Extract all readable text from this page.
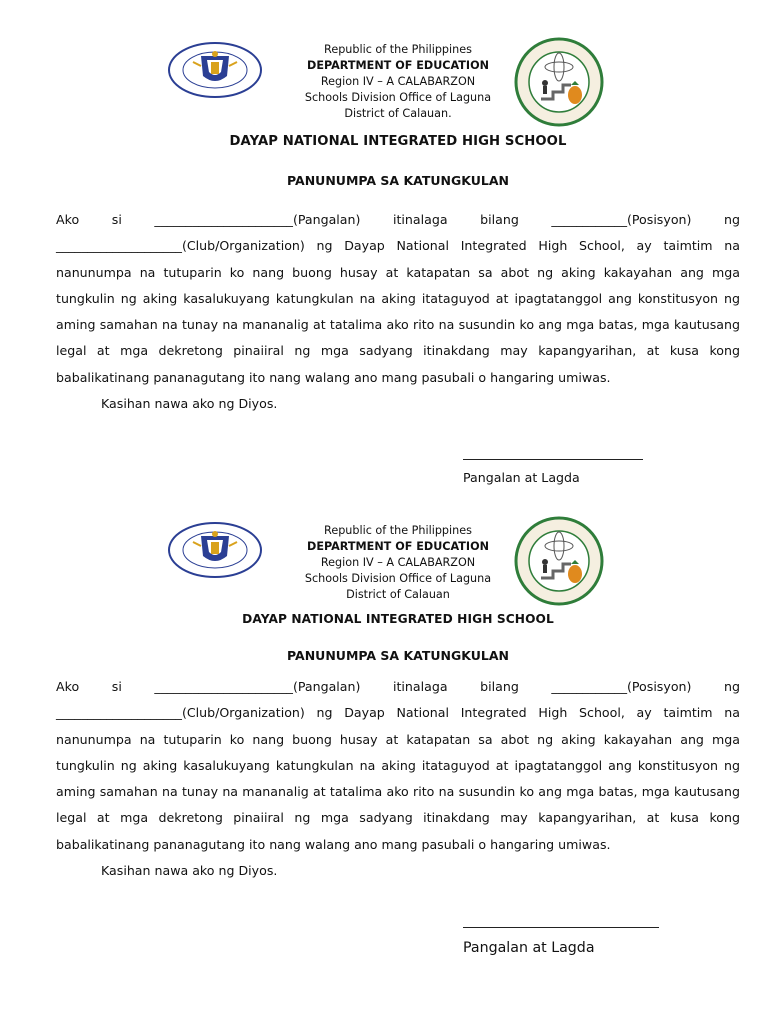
Republic of the Philippines
DEPARTMENT OF EDUCATION
Region IV – A CALABARZON
Schools Division Office of Laguna
District of Calauan.
DAYAP NATIONAL INTEGRATED HIGH SCHOOL
PANUNUMPA SA KATUNGKULAN

Ako si ______________________(Pangalan) itinalaga bilang ____________(Posisyon) ng ____________________(Club/Organization) ng Dayap National Integrated High School, ay taimtim na nanunumpa na tutuparin ko nang buong husay at katapatan sa abot ng aking kakayahan ang mga tungkulin ng aking kasalukuyang katungkulan na aking itataguyod at ipagtatanggol ang konstitusyon ng aming samahan na tunay na mananalig at tatalima ako rito na susundin ko ang mga batas, mga kautusang legal at mga dekretong pinaiiral ng mga sadyang itinakdang may kapangyarihan, at kusa kong babalikatinang pananagutang ito nang walang ano mang pasubali o hangaring umiwas.

Kasihan nawa ako ng Diyos.

Pangalan at Lagda
Republic of the Philippines
DEPARTMENT OF EDUCATION
Region IV – A CALABARZON
Schools Division Office of Laguna
District of Calauan
DAYAP NATIONAL INTEGRATED HIGH SCHOOL
PANUNUMPA SA KATUNGKULAN

Ako si ______________________(Pangalan) itinalaga bilang ____________(Posisyon) ng ____________________(Club/Organization) ng Dayap National Integrated High School, ay taimtim na nanunumpa na tutuparin ko nang buong husay at katapatan sa abot ng aking kakayahan ang mga tungkulin ng aking kasalukuyang katungkulan na aking itataguyod at ipagtatanggol ang konstitusyon ng aming samahan na tunay na mananalig at tatalima ako rito na susundin ko ang mga batas, mga kautusang legal at mga dekretong pinaiiral ng mga sadyang itinakdang may kapangyarihan, at kusa kong babalikatinang pananagutang ito nang walang ano mang pasubali o hangaring umiwas.

Kasihan nawa ako ng Diyos.

Pangalan at Lagda
